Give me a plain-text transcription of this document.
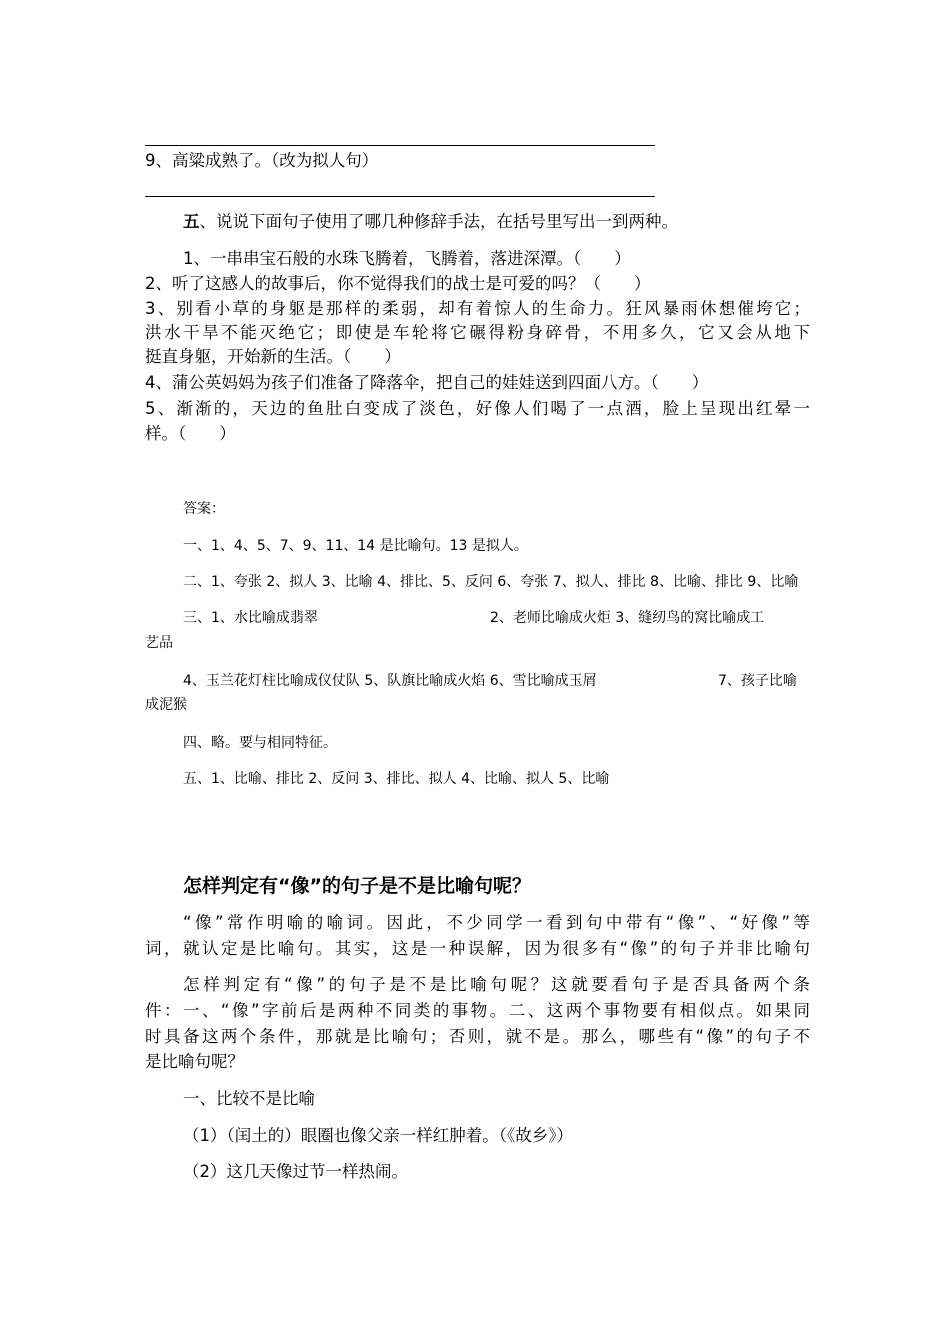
9、高粱成熟了。（改为拟人句）
五、说说下面句子使用了哪几种修辞手法，在括号里写出一到两种。
1、一串串宝石般的水珠飞腾着，飞腾着，落进深潭。（　　）
2、听了这感人的故事后，你不觉得我们的战士是可爱的吗？（　　）
3、别看小草的身躯是那样的柔弱，却有着惊人的生命力。狂风暴雨休想催垮它；
洪水干旱不能灭绝它；即使是车轮将它碾得粉身碎骨，不用多久，它又会从地下
挺直身躯，开始新的生活。（　　）
4、蒲公英妈妈为孩子们准备了降落伞，把自己的娃娃送到四面八方。（　　）
5、渐渐的，天边的鱼肚白变成了淡色，好像人们喝了一点酒，脸上呈现出红晕一
样。（　　）
答案：
一、1、4、5、7、9、11、14 是比喻句。13 是拟人。
二、1、夸张 2、拟人 3、比喻 4、排比、5、反问 6、夸张 7、拟人、排比 8、比喻、排比 9、比喻
三、1、水比喻成翡翠	2、老师比喻成火炬 3、缝纫鸟的窝比喻成工
艺品
4、玉兰花灯柱比喻成仪仗队 5、队旗比喻成火焰 6、雪比喻成玉屑	7、孩子比喻
成泥猴
四、略。要与相同特征。
五、1、比喻、排比 2、反问 3、排比、拟人 4、比喻、拟人 5、比喻
怎样判定有“像”的句子是不是比喻句呢？
“像”常作明喻的喻词。因此，不少同学一看到句中带有“像”、“好像”等
词，就认定是比喻句。其实，这是一种误解，因为很多有“像”的句子并非比喻句
怎样判定有“像”的句子是不是比喻句呢？这就要看句子是否具备两个条
件：一、“像”字前后是两种不同类的事物。二、这两个事物要有相似点。如果同
时具备这两个条件，那就是比喻句；否则，就不是。那么，哪些有“像”的句子不
是比喻句呢？
一、比较不是比喻
（1）（闰土的）眼圈也像父亲一样红肿着。（《故乡》）
（2）这几天像过节一样热闹。
